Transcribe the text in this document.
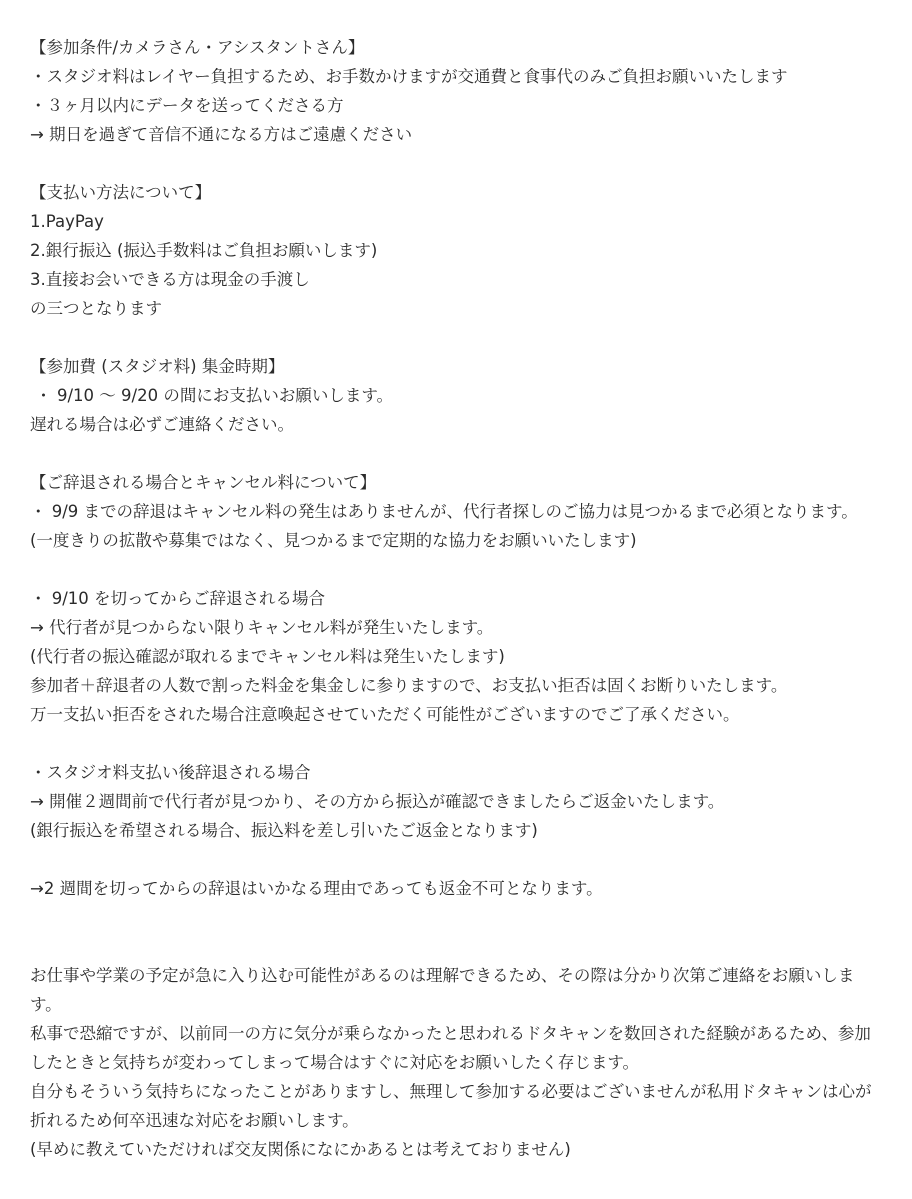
【参加条件/カメラさん・アシスタントさん】
・スタジオ料はレイヤー負担するため、お手数かけますが交通費と食事代のみご負担お願いいたします
・３ヶ月以内にデータを送ってくださる方
→ 期日を過ぎて音信不通になる方はご遠慮ください
【支払い方法について】
1.PayPay
2.銀行振込 (振込手数料はご負担お願いします)
3.直接お会いできる方は現金の手渡し
の三つとなります
【参加費 (スタジオ料) 集金時期】
・ 9/10 〜 9/20 の間にお支払いお願いします。
遅れる場合は必ずご連絡ください。
【ご辞退される場合とキャンセル料について】
・ 9/9 までの辞退はキャンセル料の発生はありませんが、代行者探しのご協力は見つかるまで必須となります。
(一度きりの拡散や募集ではなく、見つかるまで定期的な協力をお願いいたします)
・ 9/10 を切ってからご辞退される場合
→ 代行者が見つからない限りキャンセル料が発生いたします。
(代行者の振込確認が取れるまでキャンセル料は発生いたします)
参加者＋辞退者の人数で割った料金を集金しに参りますので、お支払い拒否は固くお断りいたします。
万一支払い拒否をされた場合注意喚起させていただく可能性がございますのでご了承ください。
・スタジオ料支払い後辞退される場合
→ 開催２週間前で代行者が見つかり、その方から振込が確認できましたらご返金いたします。
(銀行振込を希望される場合、振込料を差し引いたご返金となります)
→2 週間を切ってからの辞退はいかなる理由であっても返金不可となります。
お仕事や学業の予定が急に入り込む可能性があるのは理解できるため、その際は分かり次第ご連絡をお願いします。
私事で恐縮ですが、以前同一の方に気分が乗らなかったと思われるドタキャンを数回された経験があるため、参加したときと気持ちが変わってしまって場合はすぐに対応をお願いしたく存じます。
自分もそういう気持ちになったことがありますし、無理して参加する必要はございませんが私用ドタキャンは心が折れるため何卒迅速な対応をお願いします。
(早めに教えていただければ交友関係になにかあるとは考えておりません)
